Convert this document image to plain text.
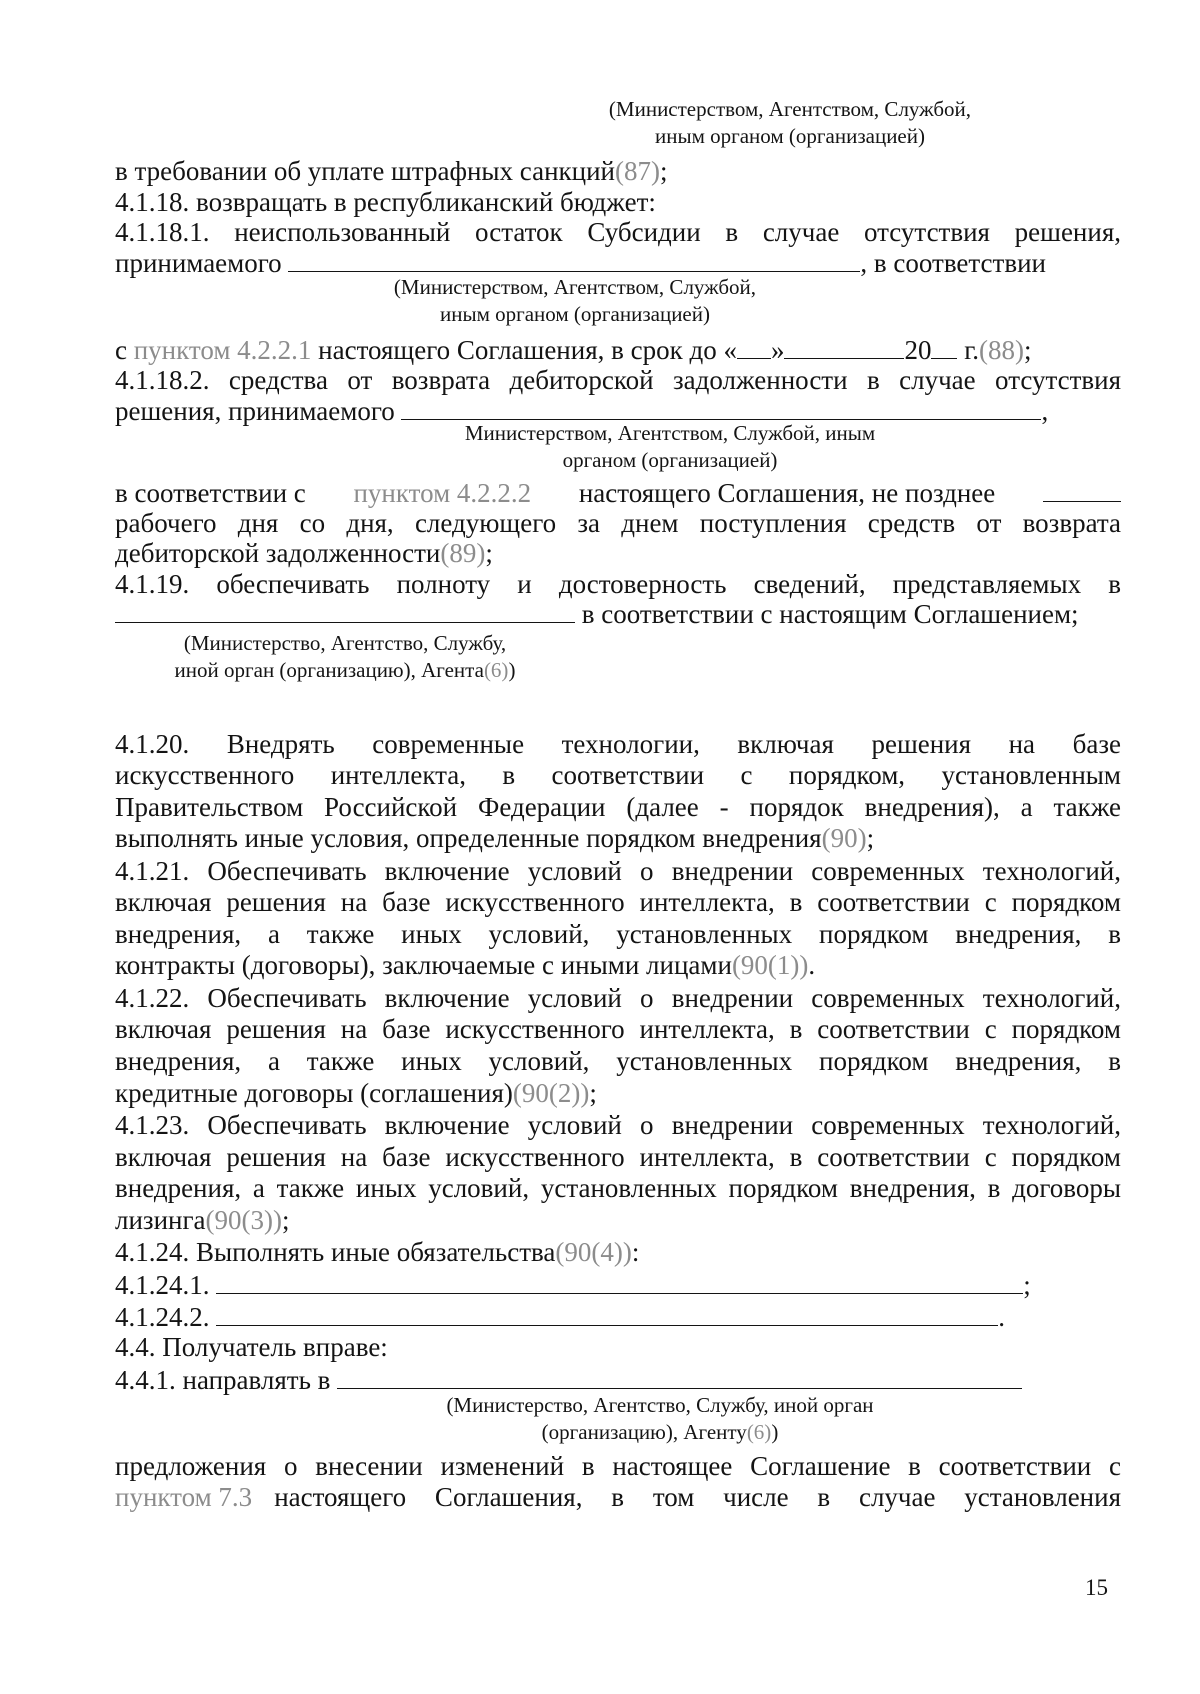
(Министерством, Агентством, Службой,
иным органом (организацией)
в требовании об уплате штрафных санкций(87);
4.1.18. возвращать в республиканский бюджет:
4.1.18.1. неиспользованный остаток Субсидии в случае отсутствия решения,
принимаемого	, в соответствии
(Министерством, Агентством, Службой,
иным органом (организацией)
с пунктом 4.2.2.1 настоящего Соглашения, в срок до « »	20 г.(88);
4.1.18.2. средства от возврата дебиторской задолженности в случае отсутствия
решения, принимаемого	,
Министерством, Агентством, Службой, иным
органом (организацией)
в соответствии с пунктом 4.2.2.2 настоящего Соглашения, не позднее
рабочего дня со дня, следующего за днем поступления средств от возврата
дебиторской задолженности(89);
4.1.19. обеспечивать полноту и достоверность сведений, представляемых в
в соответствии с настоящим Соглашением;
(Министерство, Агентство, Службу,
иной орган (организацию), Агента(6))
4.1.20. Внедрять современные технологии, включая решения на базе
искусственного интеллекта, в соответствии с порядком, установленным
Правительством Российской Федерации (далее - порядок внедрения), а также
выполнять иные условия, определенные порядком внедрения(90);
4.1.21. Обеспечивать включение условий о внедрении современных технологий,
включая решения на базе искусственного интеллекта, в соответствии с порядком
внедрения, а также иных условий, установленных порядком внедрения, в
контракты (договоры), заключаемые с иными лицами(90(1)).
4.1.22. Обеспечивать включение условий о внедрении современных технологий,
включая решения на базе искусственного интеллекта, в соответствии с порядком
внедрения, а также иных условий, установленных порядком внедрения, в
кредитные договоры (соглашения)(90(2));
4.1.23. Обеспечивать включение условий о внедрении современных технологий,
включая решения на базе искусственного интеллекта, в соответствии с порядком
внедрения, а также иных условий, установленных порядком внедрения, в договоры
лизинга(90(3));
4.1.24. Выполнять иные обязательства(90(4)):
4.1.24.1.	;
4.1.24.2.	.
4.4. Получатель вправе:
4.4.1. направлять в
(Министерство, Агентство, Службу, иной орган
(организацию), Агенту(6))
предложения о внесении изменений в настоящее Соглашение в соответствии с
пунктом 7.3 настоящего Соглашения, в том числе в случае установления
15
